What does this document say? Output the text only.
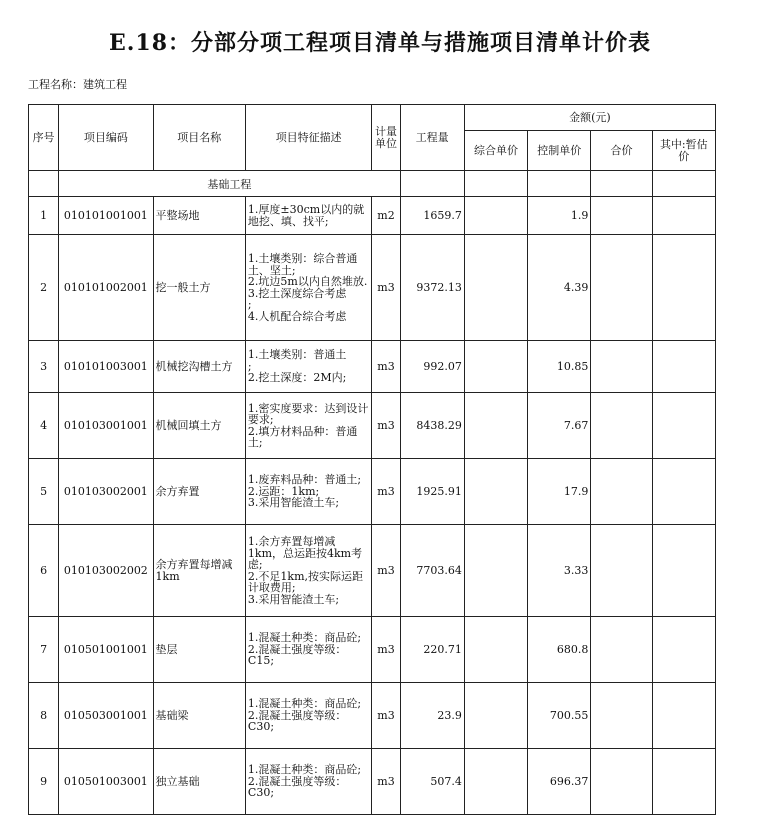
E.18：分部分项工程项目清单与措施项目清单计价表
工程名称：建筑工程
序号	项目编码	项目名称	项目特征描述	计量单位	工程量	金额(元)			
						综合单价	控制单价	合价	其中:暂估价
	基础工程								
1	010101001001	平整场地	1.厚度±30cm以内的就地挖、填、找平;	m2	1659.7		1.9		
2	010101002001	挖一般土方	1.土壤类别：综合普通土、坚土;
2.坑边5m以内自然堆放.
3.挖土深度综合考虑
;
4.人机配合综合考虑	m3	9372.13		4.39		
3	010101003001	机械挖沟槽土方	1.土壤类别：普通土
;
2.挖土深度：2M内;	m3	992.07		10.85		
4	010103001001	机械回填土方	1.密实度要求：达到设计要求;
2.填方材料品种：普通土;	m3	8438.29		7.67		
5	010103002001	余方弃置	1.废弃料品种：普通土;
2.运距：1km;
3.采用智能渣土车;	m3	1925.91		17.9		
6	010103002002	余方弃置每增减1km	1.余方弃置每增减1km，总运距按4km考虑;
2.不足1km,按实际运距计取费用;
3.采用智能渣土车;	m3	7703.64		3.33		
7	010501001001	垫层	1.混凝土种类：商品砼;
2.混凝土强度等级：C15;	m3	220.71		680.8		
8	010503001001	基础梁	1.混凝土种类：商品砼;
2.混凝土强度等级：C30;	m3	23.9		700.55		
9	010501003001	独立基础	1.混凝土种类：商品砼;
2.混凝土强度等级：C30;	m3	507.4		696.37		
